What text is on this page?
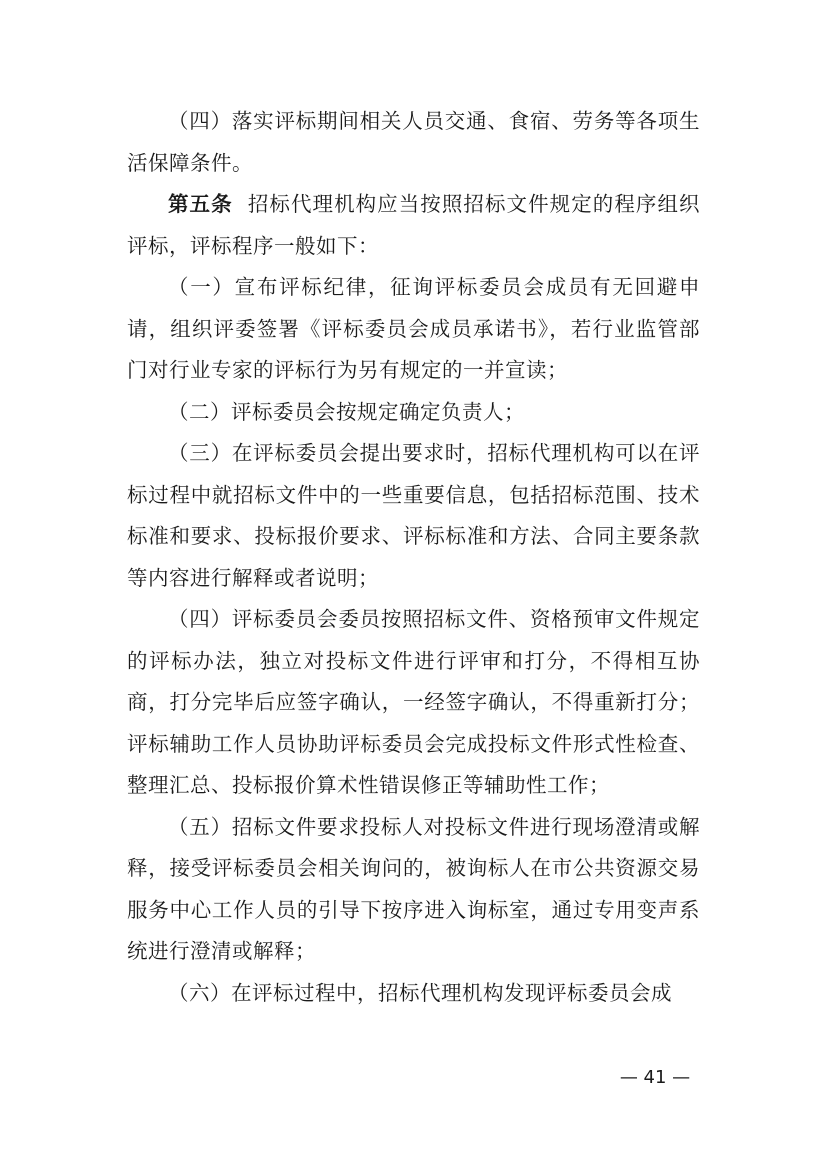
（四）落实评标期间相关人员交通、食宿、劳务等各项生活保障条件。

第五条  招标代理机构应当按照招标文件规定的程序组织评标，评标程序一般如下：

（一）宣布评标纪律，征询评标委员会成员有无回避申请，组织评委签署《评标委员会成员承诺书》，若行业监管部门对行业专家的评标行为另有规定的一并宣读；

（二）评标委员会按规定确定负责人；

（三）在评标委员会提出要求时，招标代理机构可以在评标过程中就招标文件中的一些重要信息，包括招标范围、技术标准和要求、投标报价要求、评标标准和方法、合同主要条款等内容进行解释或者说明；

（四）评标委员会委员按照招标文件、资格预审文件规定的评标办法，独立对投标文件进行评审和打分，不得相互协商，打分完毕后应签字确认，一经签字确认，不得重新打分；评标辅助工作人员协助评标委员会完成投标文件形式性检查、整理汇总、投标报价算术性错误修正等辅助性工作；

（五）招标文件要求投标人对投标文件进行现场澄清或解释，接受评标委员会相关询问的，被询标人在市公共资源交易服务中心工作人员的引导下按序进入询标室，通过专用变声系统进行澄清或解释；

（六）在评标过程中，招标代理机构发现评标委员会成

— 41 —
